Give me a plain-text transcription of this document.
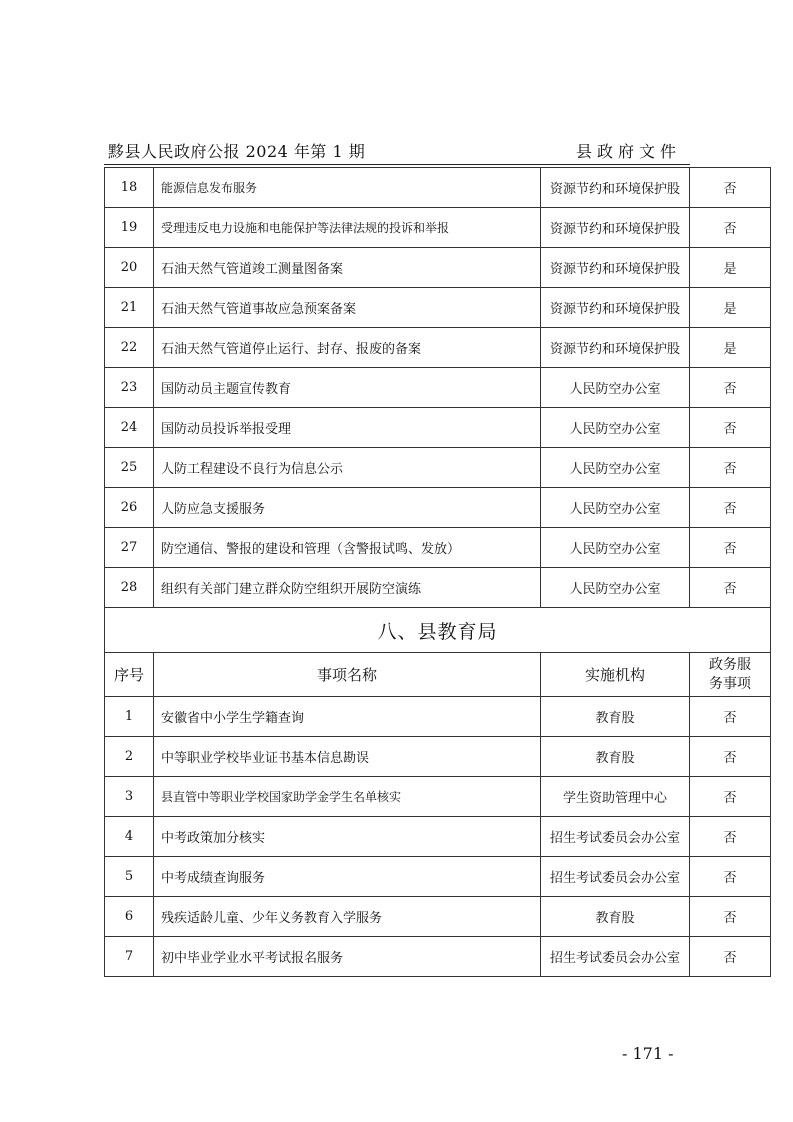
黟县人民政府公报 2024 年第 1 期	县政府文件
18	能源信息发布服务	资源节约和环境保护股	否
19	受理违反电力设施和电能保护等法律法规的投诉和举报	资源节约和环境保护股	否
20	石油天然气管道竣工测量图备案	资源节约和环境保护股	是
21	石油天然气管道事故应急预案备案	资源节约和环境保护股	是
22	石油天然气管道停止运行、封存、报废的备案	资源节约和环境保护股	是
23	国防动员主题宣传教育	人民防空办公室	否
24	国防动员投诉举报受理	人民防空办公室	否
25	人防工程建设不良行为信息公示	人民防空办公室	否
26	人防应急支援服务	人民防空办公室	否
27	防空通信、警报的建设和管理（含警报试鸣、发放）	人民防空办公室	否
28	组织有关部门建立群众防空组织开展防空演练	人民防空办公室	否
八、县教育局			
序号	事项名称	实施机构	政务服
务事项
1	安徽省中小学生学籍查询	教育股	否
2	中等职业学校毕业证书基本信息勘误	教育股	否
3	县直管中等职业学校国家助学金学生名单核实	学生资助管理中心	否
4	中考政策加分核实	招生考试委员会办公室	否
5	中考成绩查询服务	招生考试委员会办公室	否
6	残疾适龄儿童、少年义务教育入学服务	教育股	否
7	初中毕业学业水平考试报名服务	招生考试委员会办公室	否
- 171 -
